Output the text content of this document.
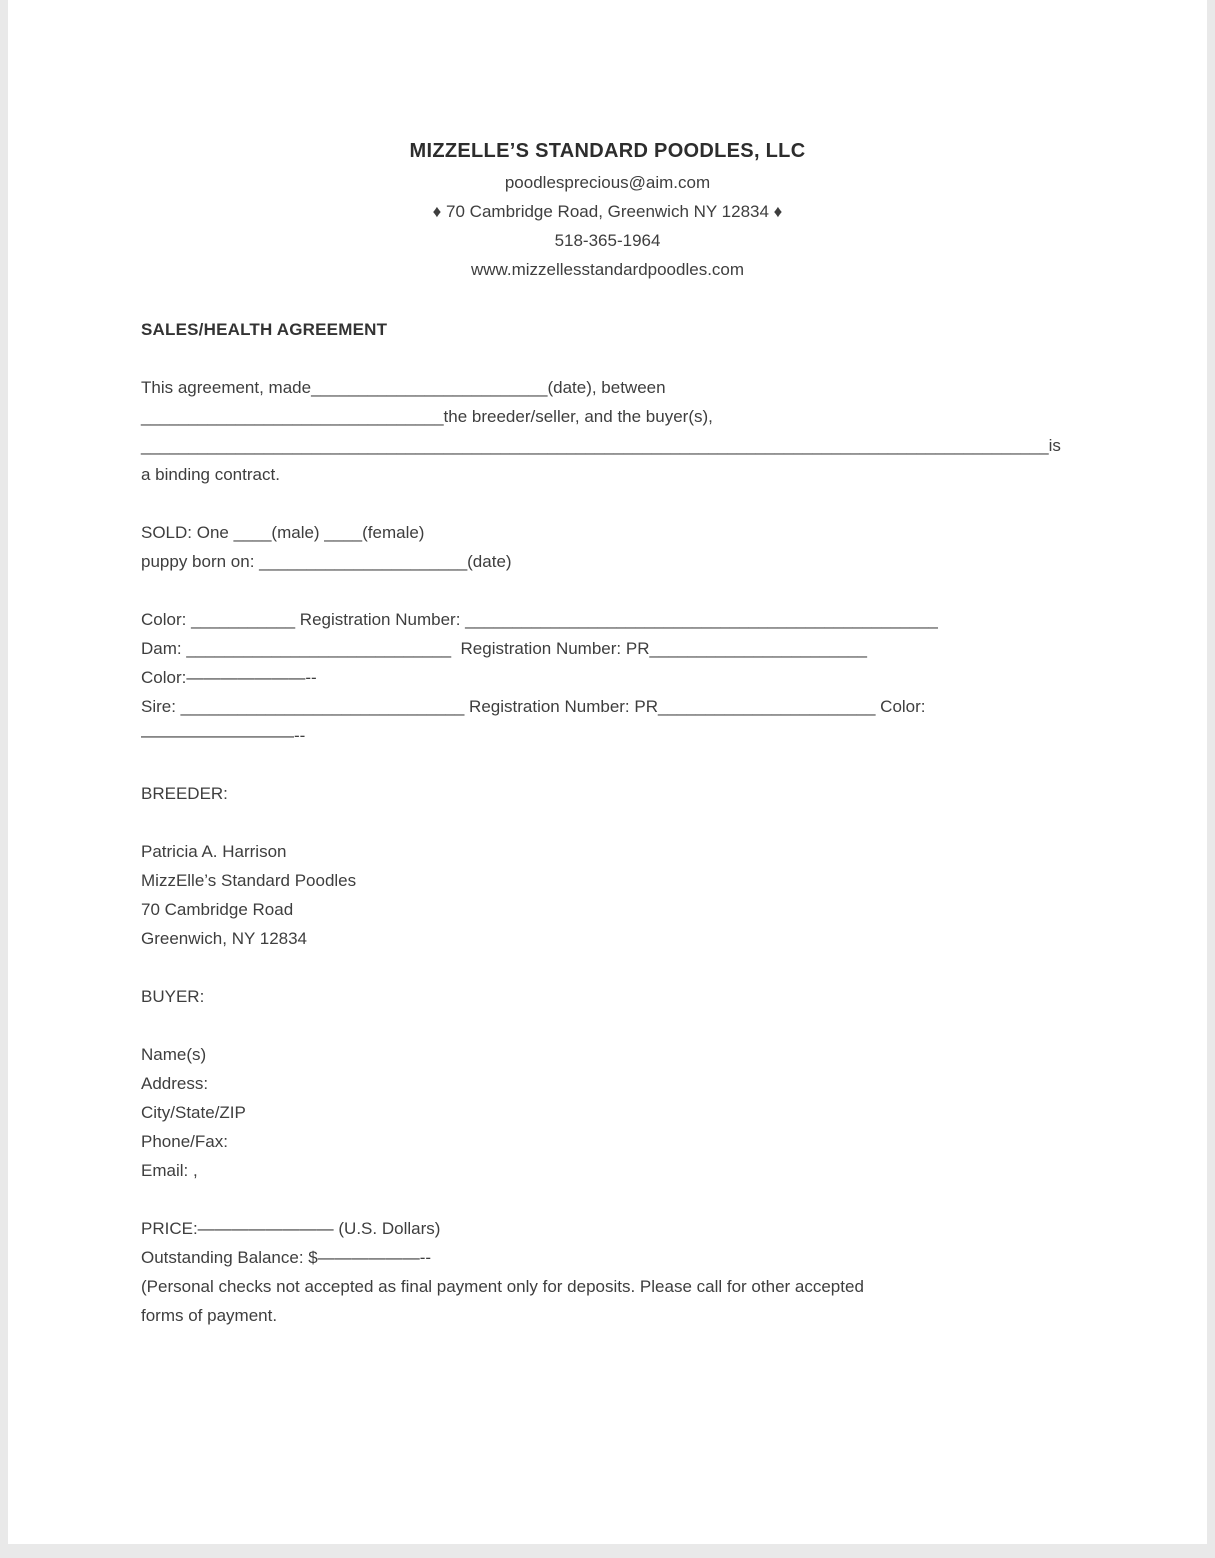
MIZZELLE’S STANDARD POODLES, LLC
poodlesprecious@aim.com
♦ 70 Cambridge Road, Greenwich NY 12834 ♦
518-365-1964
www.mizzellesstandardpoodles.com
SALES/HEALTH AGREEMENT
This agreement, made_________________________(date), between
________________________________the breeder/seller, and the buyer(s),
________________________________________________________________________________________________is
a binding contract.
SOLD: One ____(male) ____(female)
puppy born on: ______________________(date)
Color: ___________ Registration Number: __________________________________________________
Dam: ____________________________  Registration Number: PR_______________________
Color:———————--
Sire: ______________________________ Registration Number: PR_______________________ Color:
—————————--
BREEDER:
Patricia A. Harrison
MizzElle’s Standard Poodles
70 Cambridge Road
Greenwich, NY 12834
BUYER:
Name(s)
Address:
City/State/ZIP
Phone/Fax:
Email: ,
PRICE:———————— (U.S. Dollars)
Outstanding Balance: $——————--
(Personal checks not accepted as final payment only for deposits. Please call for other accepted
forms of payment.
